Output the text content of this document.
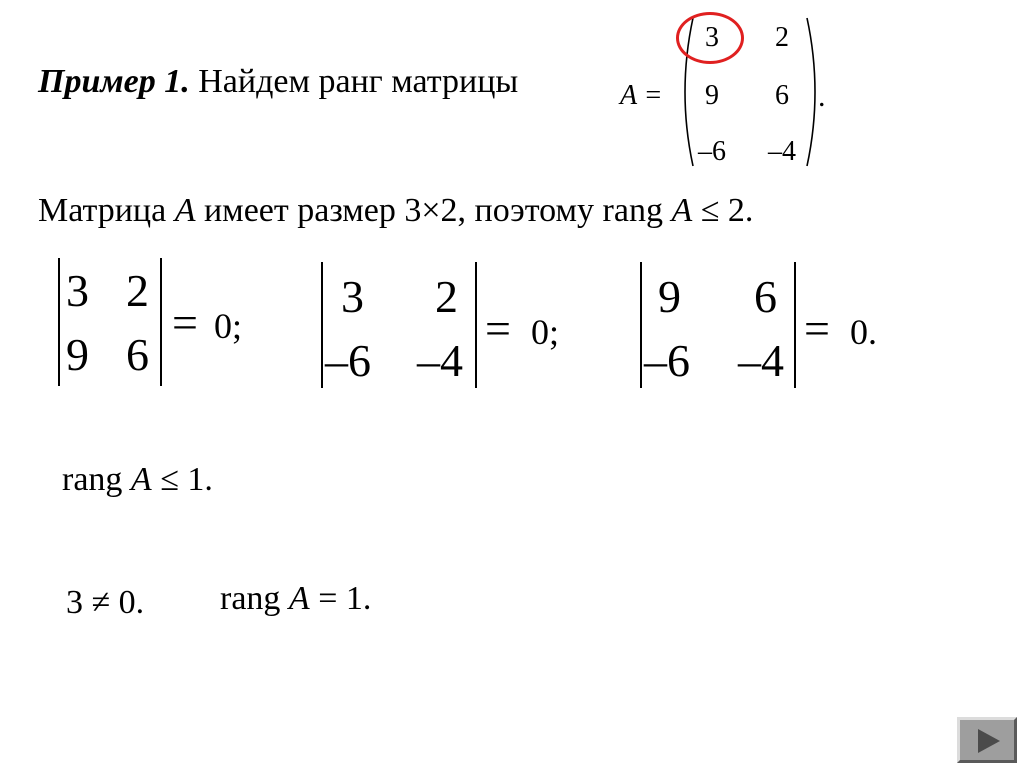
Пример 1. Найдем ранг матрицы	A =
3	2
9	6
–6	–4
.
Матрица A имеет размер 3×2, поэтому rang A ≤ 2.
3 2
9 6
= 0;
3 2
–6 –4
= 0;
9 6
–6 –4
= 0.
rang A ≤ 1.
3 ≠ 0. rang A = 1.
